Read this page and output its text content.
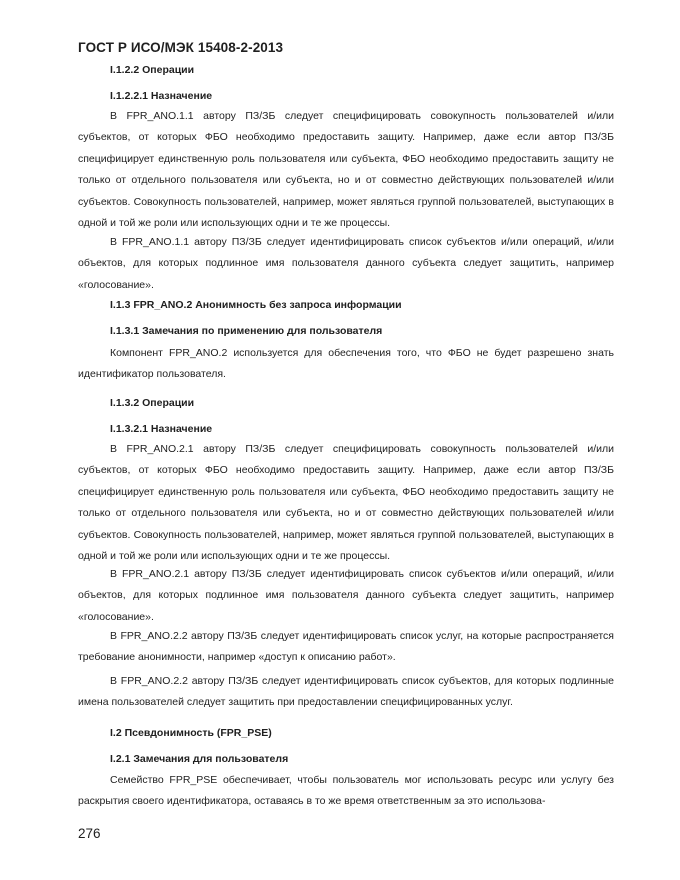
ГОСТ Р ИСО/МЭК 15408-2-2013
I.1.2.2 Операции
I.1.2.2.1 Назначение
В FPR_ANO.1.1 автору ПЗ/ЗБ следует специфицировать совокупность пользователей и/или субъектов, от которых ФБО необходимо предоставить защиту. Например, даже если автор ПЗ/ЗБ специфицирует единственную роль пользователя или субъекта, ФБО необходимо предоставить защиту не только от отдельного пользователя или субъекта, но и от совместно действующих пользователей и/или субъектов. Совокупность пользователей, например, может являться группой пользователей, выступающих в одной и той же роли или использующих одни и те же процессы.
В FPR_ANO.1.1 автору ПЗ/ЗБ следует идентифицировать список субъектов и/или операций, и/или объектов, для которых подлинное имя пользователя данного субъекта следует защитить, например «голосование».
I.1.3 FPR_ANO.2 Анонимность без запроса информации
I.1.3.1 Замечания по применению для пользователя
Компонент FPR_ANO.2 используется для обеспечения того, что ФБО не будет разрешено знать идентификатор пользователя.
I.1.3.2 Операции
I.1.3.2.1 Назначение
В FPR_ANO.2.1 автору ПЗ/ЗБ следует специфицировать совокупность пользователей и/или субъектов, от которых ФБО необходимо предоставить защиту. Например, даже если автор ПЗ/ЗБ специфицирует единственную роль пользователя или субъекта, ФБО необходимо предоставить защиту не только от отдельного пользователя или субъекта, но и от совместно действующих пользователей и/или субъектов. Совокупность пользователей, например, может являться группой пользователей, выступающих в одной и той же роли или использующих одни и те же процессы.
В FPR_ANO.2.1 автору ПЗ/ЗБ следует идентифицировать список субъектов и/или операций, и/или объектов, для которых подлинное имя пользователя данного субъекта следует защитить, например «голосование».
В FPR_ANO.2.2 автору ПЗ/ЗБ следует идентифицировать список услуг, на которые распространяется требование анонимности, например «доступ к описанию работ».
В FPR_ANO.2.2 автору ПЗ/ЗБ следует идентифицировать список субъектов, для которых подлинные имена пользователей следует защитить при предоставлении специфицированных услуг.
I.2 Псевдонимность (FPR_PSE)
I.2.1 Замечания для пользователя
Семейство FPR_PSE обеспечивает, чтобы пользователь мог использовать ресурс или услугу без раскрытия своего идентификатора, оставаясь в то же время ответственным за это использова-
276
